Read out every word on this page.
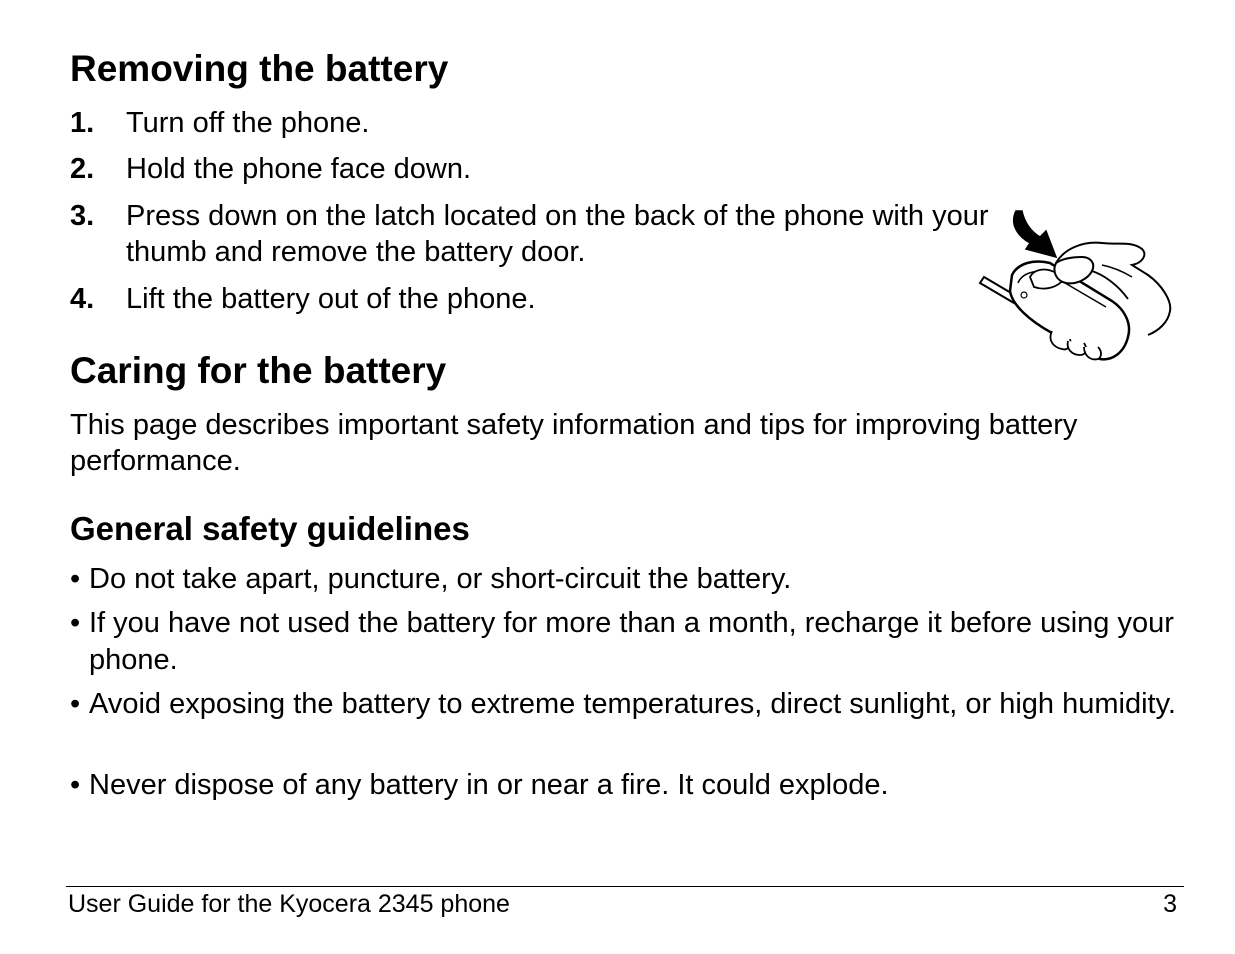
Removing the battery
1. Turn off the phone.
2. Hold the phone face down.
3. Press down on the latch located on the back of the phone with your thumb and remove the battery door.
4. Lift the battery out of the phone.
Caring for the battery
This page describes important safety information and tips for improving battery performance.
General safety guidelines
• Do not take apart, puncture, or short-circuit the battery.
• If you have not used the battery for more than a month, recharge it before using your phone.
• Avoid exposing the battery to extreme temperatures, direct sunlight, or high humidity.
• Never dispose of any battery in or near a fire. It could explode.
User Guide for the Kyocera 2345 phone	3
